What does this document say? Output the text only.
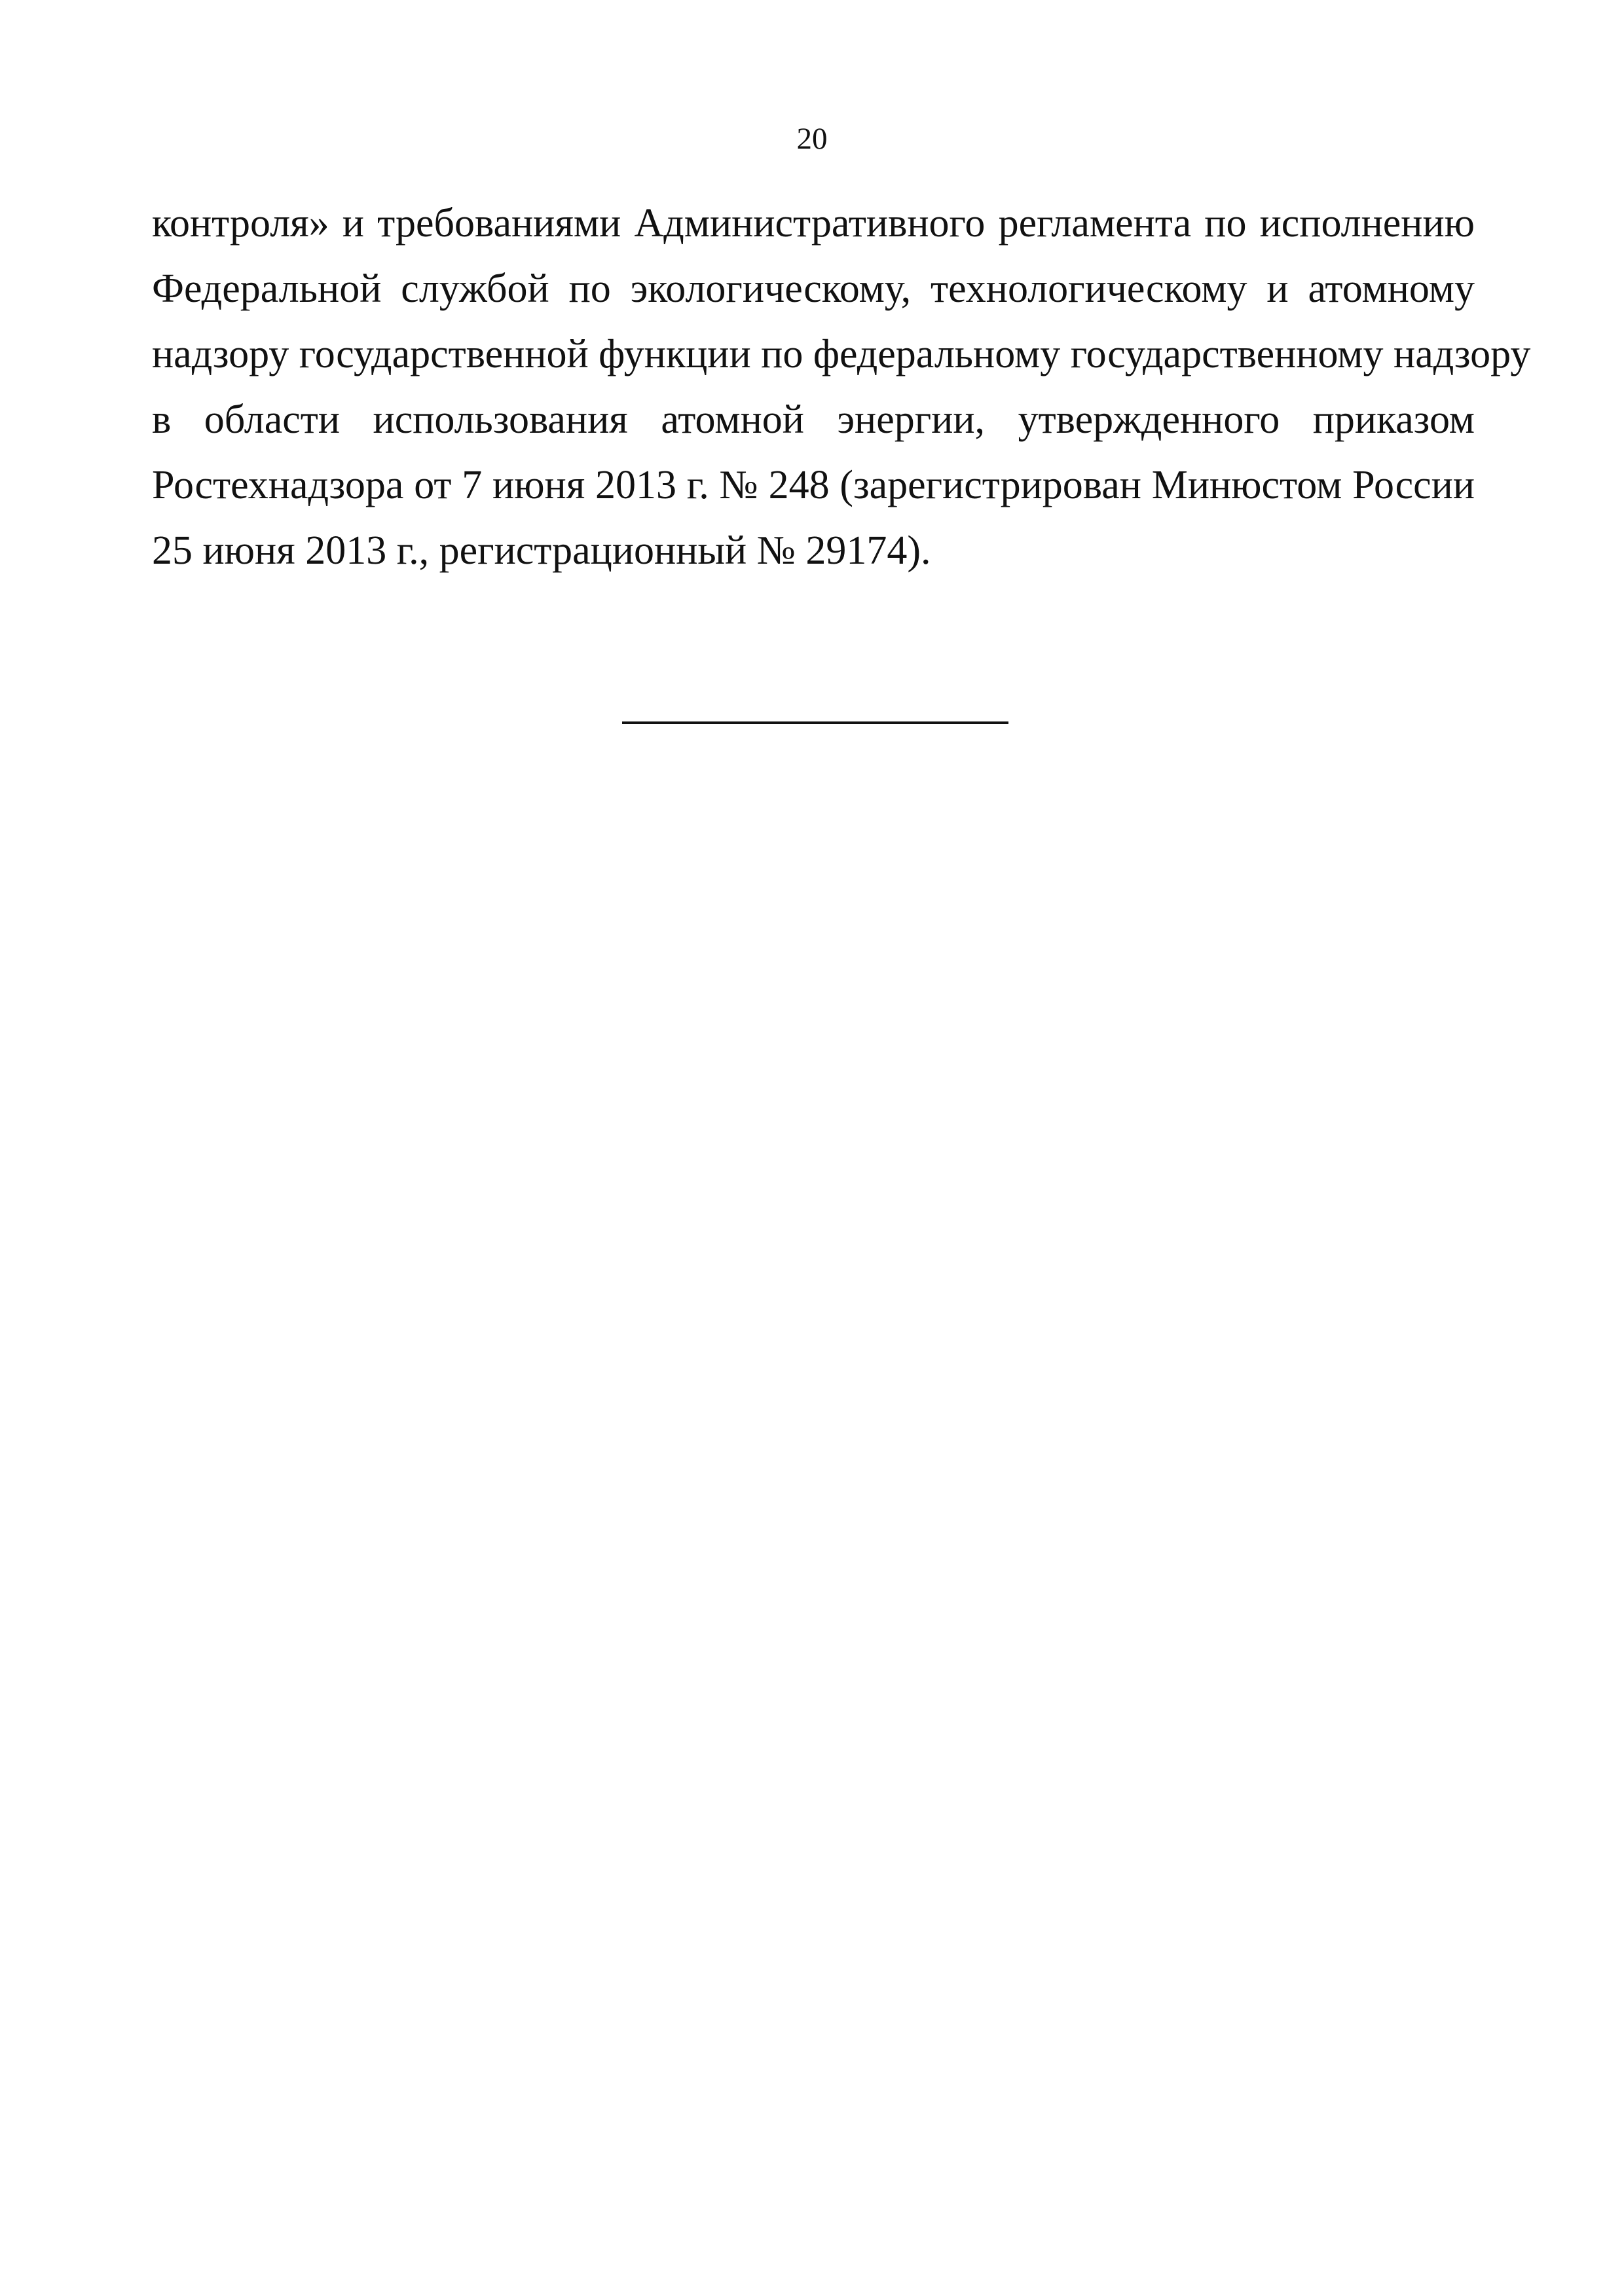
20
контроля» и требованиями Административного регламента по исполнению
Федеральной службой по экологическому, технологическому и атомному
надзору государственной функции по федеральному государственному надзору
в области использования атомной энергии, утвержденного приказом
Ростехнадзора от 7 июня 2013 г. № 248 (зарегистрирован Минюстом России
25 июня 2013 г., регистрационный № 29174).
